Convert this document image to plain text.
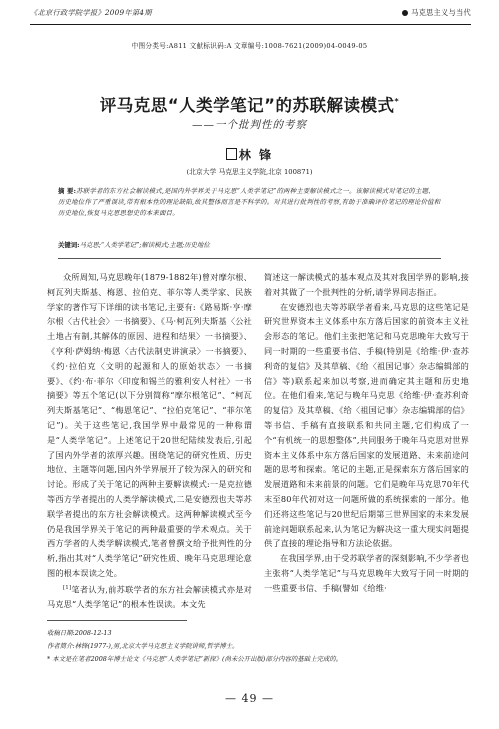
《北京行政学院学报》2009年第4期	马克思主义与当代
中图分类号:A811 文献标识码:A 文章编号:1008-7621(2009)04-0049-05
评马克思“人类学笔记”的苏联解读模式*
——一个批判性的考察
林 锋
(北京大学 马克思主义学院,北京 100871)
摘 要:苏联学者的东方社会解读模式,是国内外学界关于马克思“人类学笔记”的两种主要解读模式之一。该解读模式对笔记的主题、历史地位作了严重误读,带有根本性的理论缺陷,故其整体而言是不科学的。对其进行批判性的考察,有助于准确评价笔记的理论价值和历史地位,恢复马克思思想史的本来面目。
关键词:马克思;“人类学笔记”;解读模式;主题;历史地位

众所周知,马克思晚年(1879-1882年)曾对摩尔根、柯瓦列夫斯基、梅恩、拉伯克、菲尔等人类学家、民族学家的著作写下详细的读书笔记,主要有:《路易斯·亨·摩尔根〈古代社会〉一书摘要》、《马·柯瓦列夫斯基〈公社土地占有制,其解体的原因、进程和结果〉一书摘要》、《亨利·萨姆纳·梅恩〈古代法制史讲演录〉一书摘要》、《约·拉伯克〈文明的起源和人的原始状态〉一书摘要》、《约·布·菲尔〈印度和锡兰的雅利安人村社〉一书摘要》等五个笔记(以下分别简称“摩尔根笔记”、“柯瓦列夫斯基笔记”、“梅恩笔记”、“拉伯克笔记”、“菲尔笔记”)。关于这些笔记,我国学界中最常见的一种称谓是“人类学笔记”。上述笔记于20世纪陆续发表后,引起了国内外学者的浓厚兴趣。围绕笔记的研究性质、历史地位、主题等问题,国内外学界展开了较为深入的研究和讨论。形成了关于笔记的两种主要解读模式:一是克拉德等西方学者提出的人类学解读模式,二是安德烈也夫等苏联学者提出的东方社会解读模式。这两种解读模式至今仍是我国学界关于笔记的两种最重要的学术观点。关于西方学者的人类学解读模式,笔者曾撰文给予批判性的分析,指出其对“人类学笔记”研究性质、晚年马克思理论意图的根本误读之处。

[1]笔者认为,前苏联学者的东方社会解读模式亦是对马克思“人类学笔记”的根本性误读。本文先

简述这一解读模式的基本观点及其对我国学界的影响,接着对其做了一个批判性的分析,请学界同志指正。

在安德烈也夫等苏联学者看来,马克思的这些笔记是研究世界资本主义体系中东方落后国家的前资本主义社会形态的笔记。他们主张把笔记和马克思晚年大致写于同一时期的一些重要书信、手稿(特别是《给维·伊·查苏利奇的复信》及其草稿、《给〈祖国记事〉杂志编辑部的信》等)联系起来加以考察,进而确定其主题和历史地位。在他们看来,笔记与晚年马克思《给维·伊·查苏利奇的复信》及其草稿、《给〈祖国记事〉杂志编辑部的信》等书信、手稿有直接联系和共同主题,它们构成了一个“有机统一的思想整体”,共同服务于晚年马克思对世界资本主义体系中东方落后国家的发展道路、未来前途问题的思考和探索。笔记的主题,正是探索东方落后国家的发展道路和未来前景的问题。它们是晚年马克思70年代末至80年代初对这一问题所做的系统探索的一部分。他们还将这些笔记与20世纪后期第三世界国家的未来发展前途问题联系起来,认为笔记为解决这一重大现实问题提供了直接的理论指导和方法论依据。

在我国学界,由于受苏联学者的深刻影响,不少学者也主张将“人类学笔记”与马克思晚年大致写于同一时期的一些重要书信、手稿(譬如《给维·

收稿日期:2008-12-13
作者简介:林锋(1977-),男,北京大学马克思主义学院讲师,哲学博士。
* 本文是在笔者2008年博士论文《马克思“人类学笔记”新探》(尚未公开出版)部分内容的基础上完成的。
— 49 —
